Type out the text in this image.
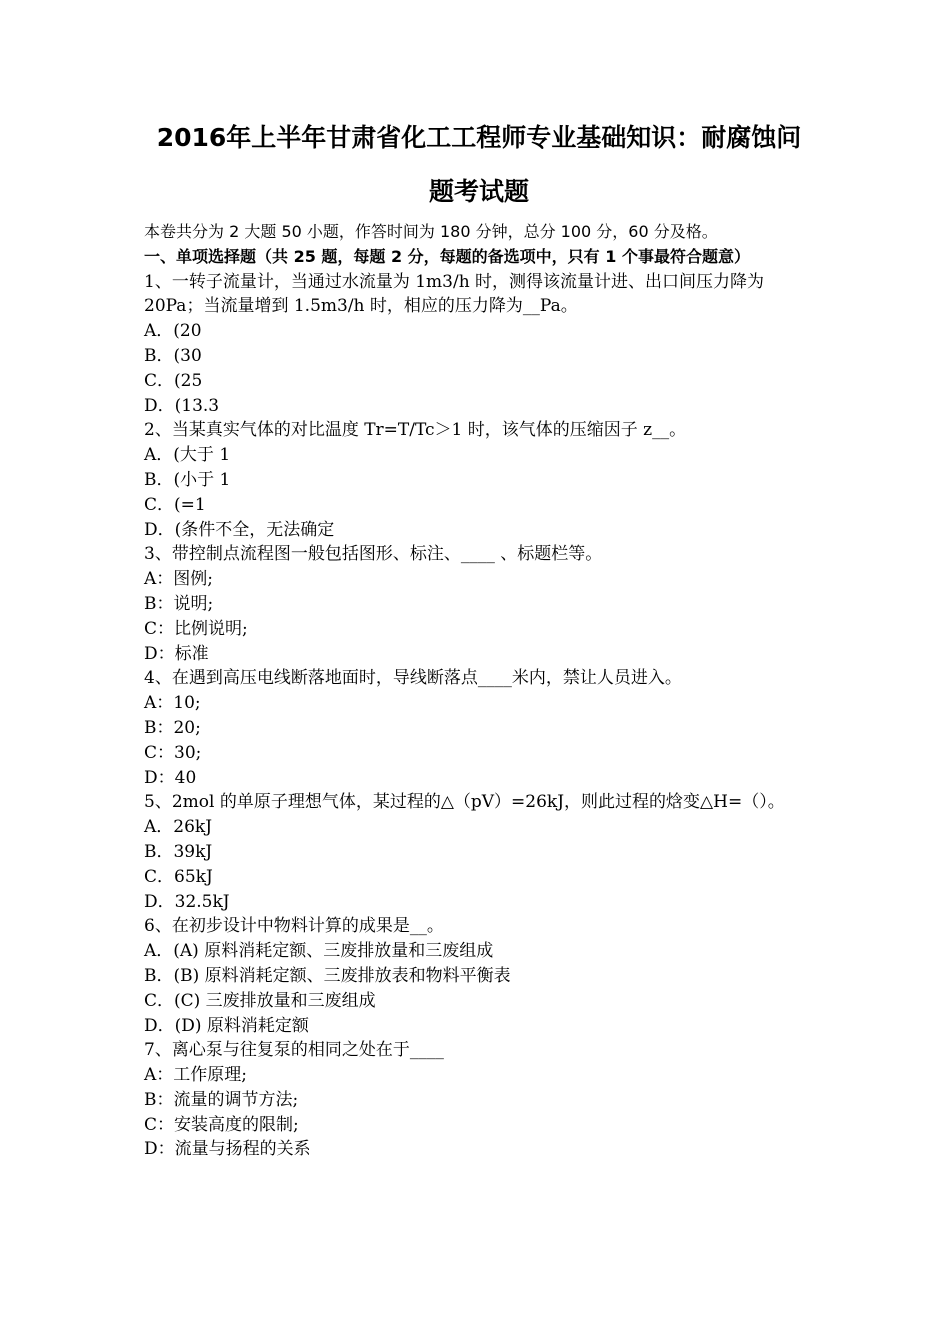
2016年上半年甘肃省化工工程师专业基础知识：耐腐蚀问
题考试题
本卷共分为 2 大题 50 小题，作答时间为 180 分钟，总分 100 分，60 分及格。
一、单项选择题（共 25 题，每题 2 分，每题的备选项中，只有 1 个事最符合题意）
1、一转子流量计，当通过水流量为 1m3/h 时，测得该流量计进、出口间压力降为 20Pa；当流量增到 1.5m3/h 时，相应的压力降为__Pa。
A．(20
B．(30
C．(25
D．(13.3
2、当某真实气体的对比温度 Tr=T/Tc＞1 时，该气体的压缩因子 z__。
A．(大于 1
B．(小于 1
C．(=1
D．(条件不全，无法确定
3、带控制点流程图一般包括图形、标注、____ 、标题栏等。
A：图例;
B：说明;
C：比例说明;
D：标准
4、在遇到高压电线断落地面时，导线断落点____米内，禁让人员进入。
A：10;
B：20;
C：30;
D：40
5、2mol 的单原子理想气体，某过程的△（pV）=26kJ，则此过程的焓变△H=（）。
A．26kJ
B．39kJ
C．65kJ
D．32.5kJ
6、在初步设计中物料计算的成果是__。
A．(A) 原料消耗定额、三废排放量和三废组成
B．(B) 原料消耗定额、三废排放表和物料平衡表
C．(C) 三废排放量和三废组成
D．(D) 原料消耗定额
7、离心泵与往复泵的相同之处在于____
A：工作原理;
B：流量的调节方法;
C：安装高度的限制;
D：流量与扬程的关系
